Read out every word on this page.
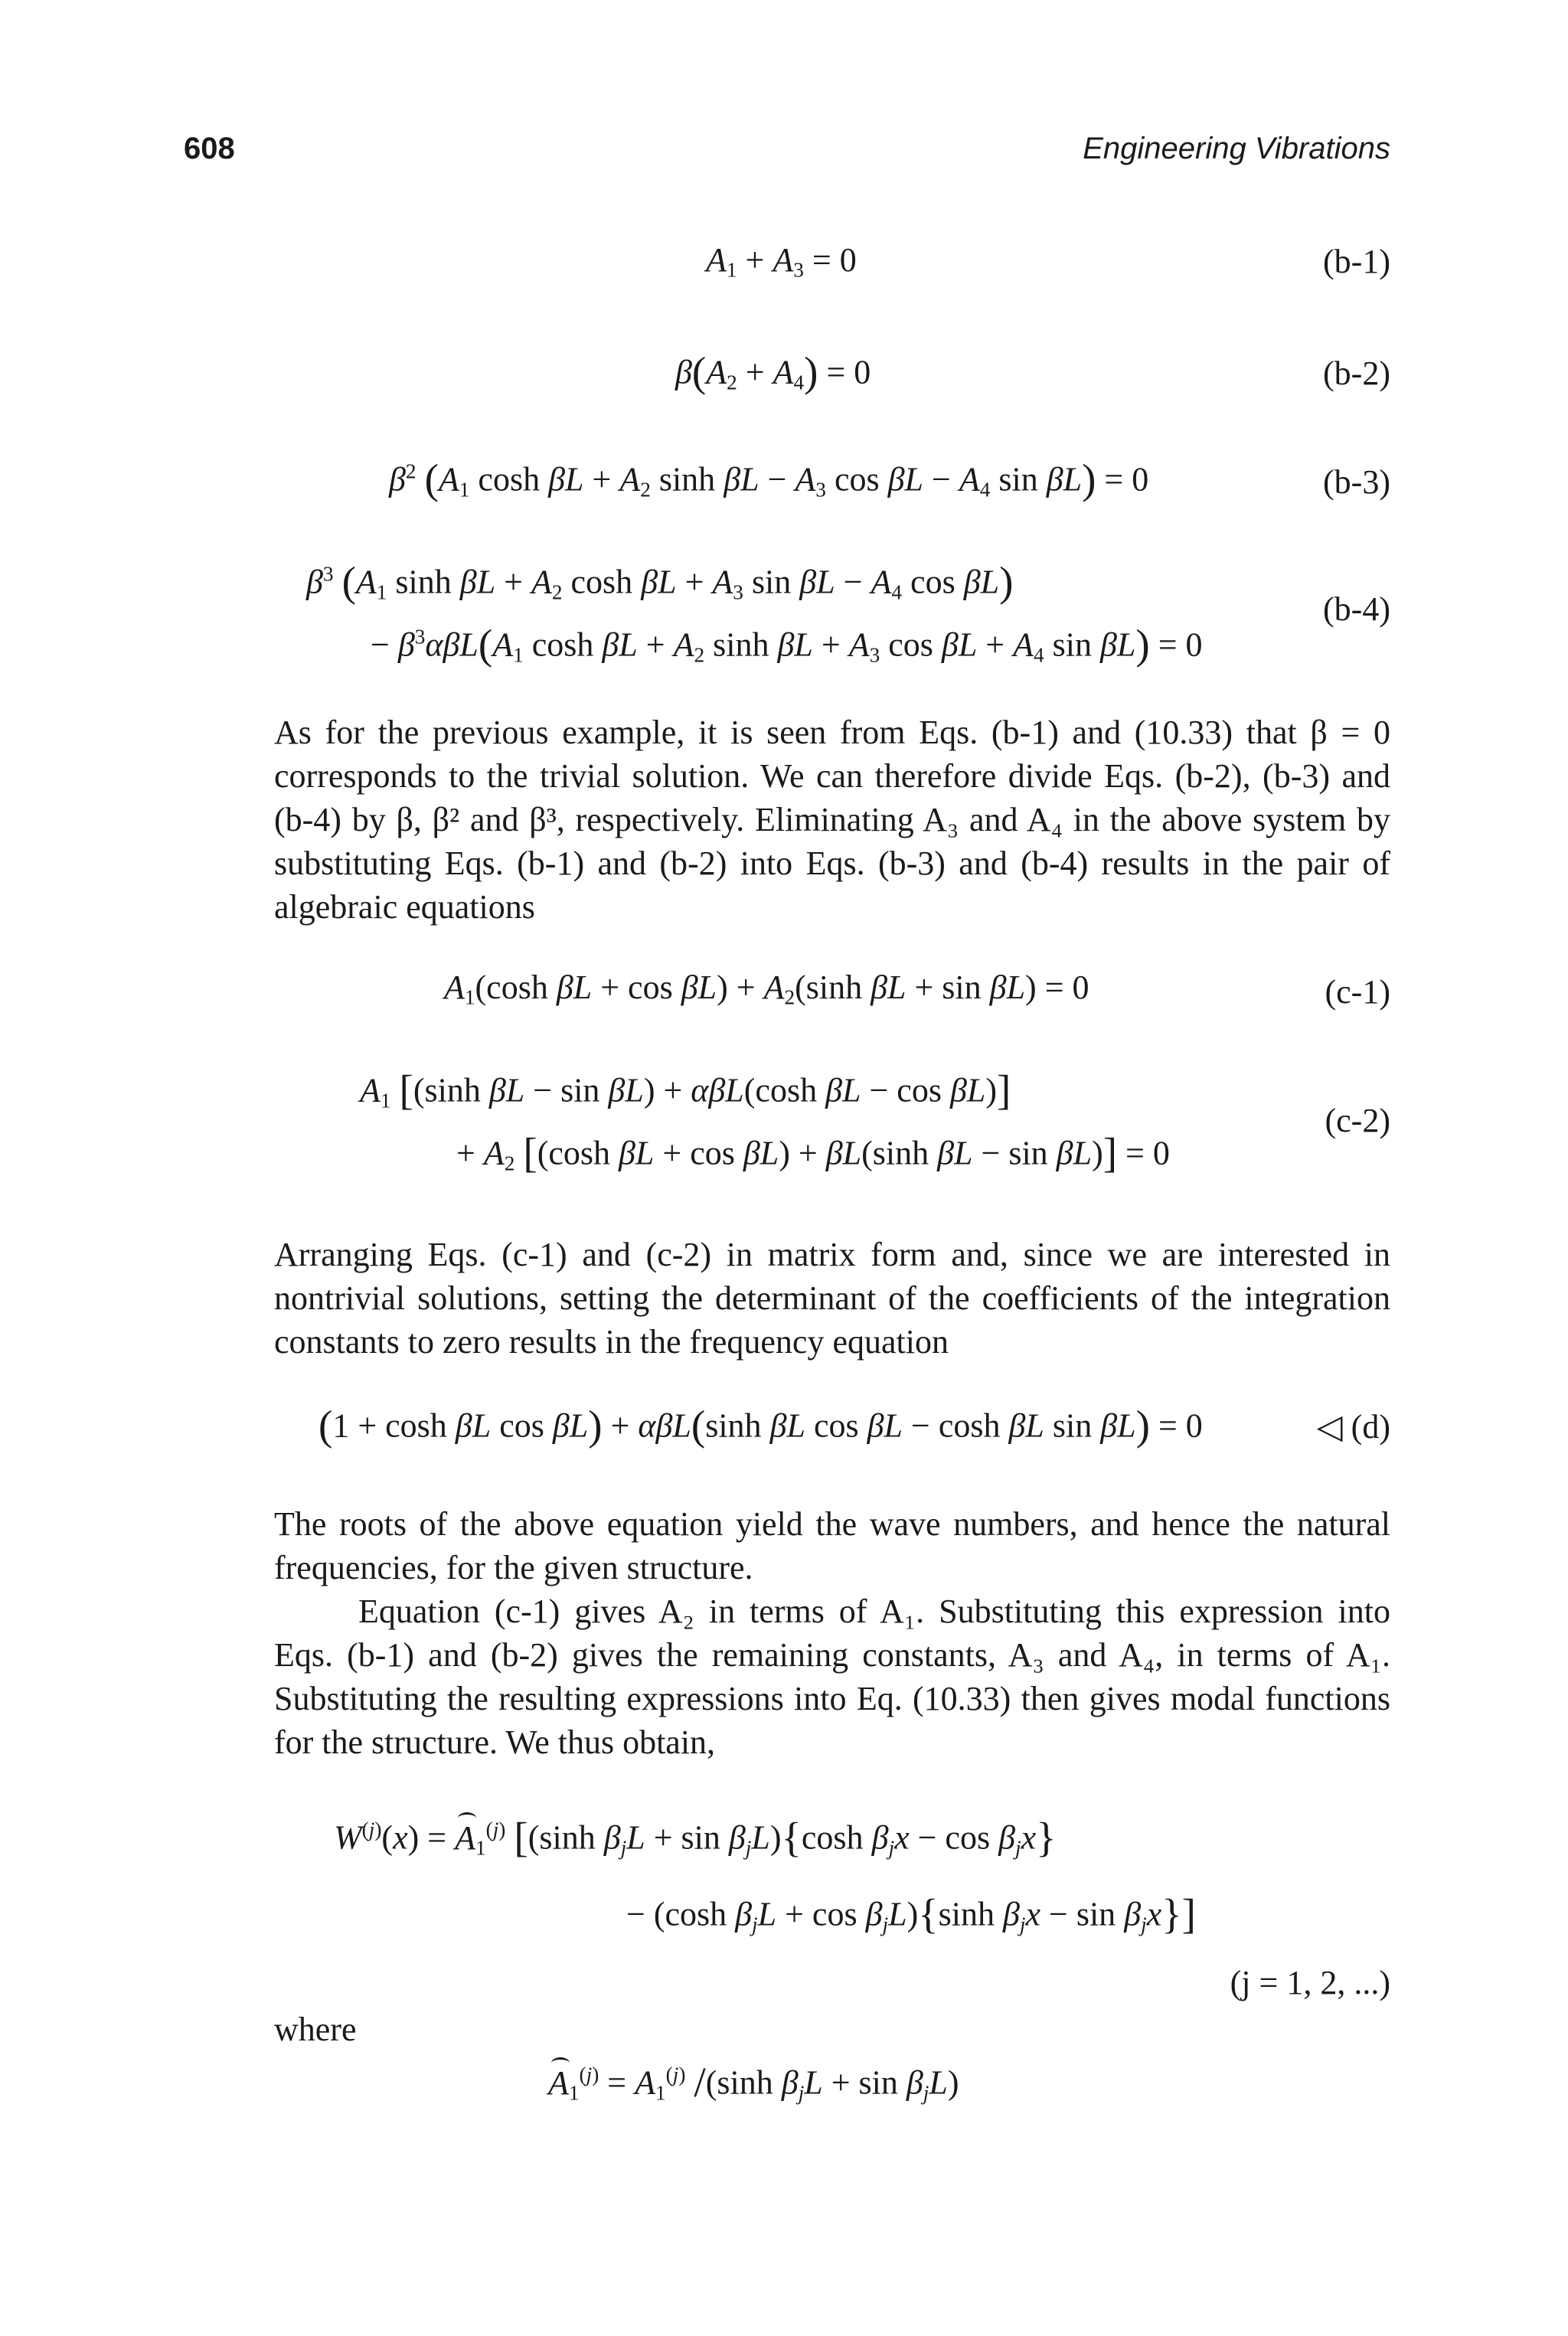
608	Engineering Vibrations
$A_1 + A_3 = 0$	(b-1)
$\beta(A_2 + A_4) = 0$	(b-2)
$\beta^2$ ($A_1$ $\cosh \beta L + A_2$ $\sinh \beta L - A_3$ $\cos \beta L - A_4$ sin βL) = 0	(b-3)
$\beta^3$ ($A_1$ $\sinh \beta L + A_2$ $\cosh \beta L + A_3$ $\sin \beta L - A_4$ cos βL)
− $\beta^3\alpha\beta L(A_1$ $\cosh \beta L + A_2$ $\sinh \beta L + A_3$ $\cos \beta L + A_4$ sin βL) = 0
(b-4)

As for the previous example, it is seen from Eqs. (b-1) and (10.33) that β = 0 corresponds to the trivial solution. We can therefore divide Eqs. (b-2), (b-3) and (b-4) by β, β² and β³, respectively. Eliminating A₃ and A₄ in the above system by substituting Eqs. (b-1) and (b-2) into Eqs. (b-3) and (b-4) results in the pair of algebraic equations

$A_1(\cosh$ $\beta L + \cos \beta L) + A_2(\sinh$ βL + sin βL) = 0	(c-1)
$A_1$ [(sinh βL − sin βL) + αβL(cosh βL − cos βL)]
+ $A_2$ [(cosh βL + cos βL) + βL(sinh βL − sin βL)] = 0
(c-2)

Arranging Eqs. (c-1) and (c-2) in matrix form and, since we are interested in nontrivial solutions, setting the determinant of the coefficients of the integration constants to zero results in the frequency equation

(1 + cosh βL cos βL) + αβL(sinh βL cos βL − cosh βL sin βL) = 0	◁ (d)

The roots of the above equation yield the wave numbers, and hence the natural frequencies, for the given structure.

Equation (c-1) gives A₂ in terms of A₁. Substituting this expression into Eqs. (b-1) and (b-2) gives the remaining constants, A₃ and A₄, in terms of A₁. Substituting the resulting expressions into Eq. (10.33) then gives modal functions for the structure. We thus obtain,

$W^{(j)}(x) = A_1^{(j)}$ [(sinh $\beta_jL + \sin \beta_jL)\{\cosh$ $\beta_jx - \cos \beta_jx$}
− (cosh $\beta_jL + \cos \beta_jL)\{\sinh$ $\beta_jx - \sin \beta_jx$}]
(j = 1, 2, ...)
where
$A_1^{(j)} = A_1^{(j)}$ /(sinh $\beta_jL + \sin \beta_jL$)
